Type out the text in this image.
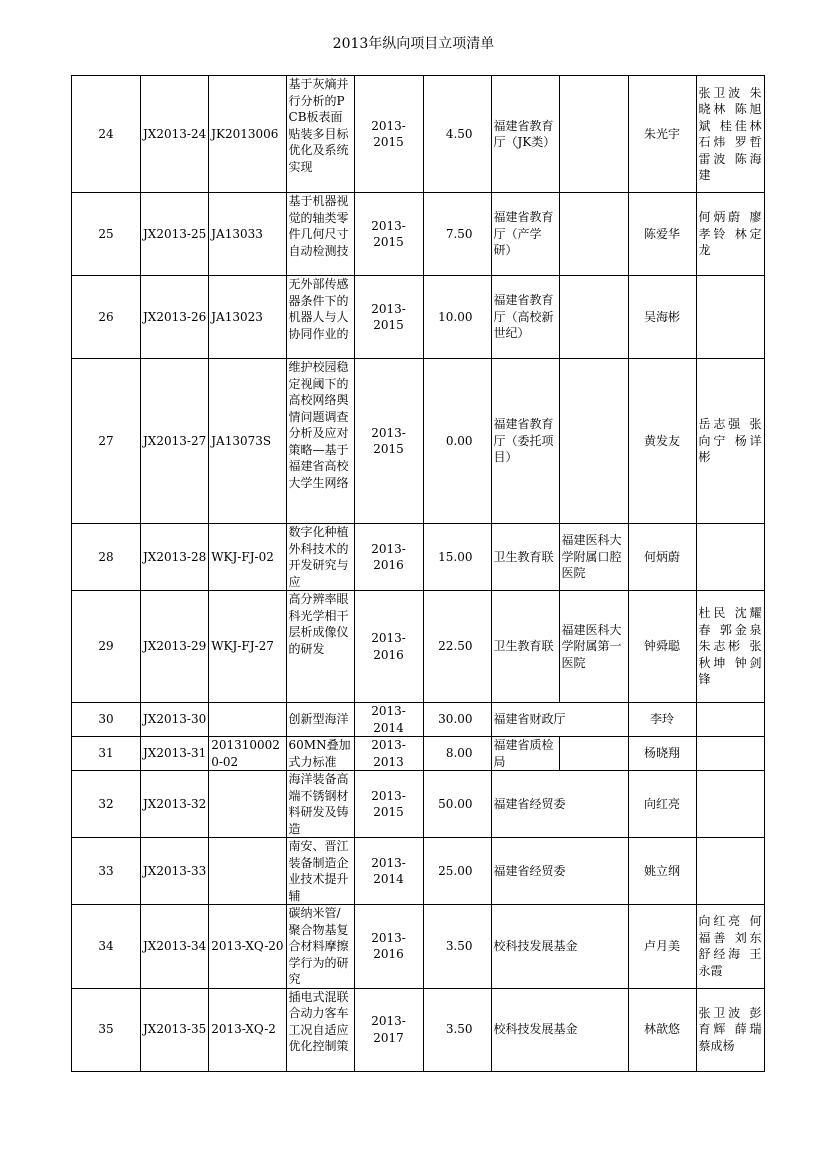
2013年纵向项目立项清单
24	JX2013-24	JK2013006	基于灰熵并行分析的PCB板表面贴装多目标优化及系统实现	2013-2015	4.50	福建省教育厅（JK类）		朱光宇	张卫波 朱晓林 陈旭斌 桂佳林 石炜 罗哲 雷波 陈海建
25	JX2013-25	JA13033	基于机器视觉的轴类零件几何尺寸自动检测技	2013-2015	7.50	福建省教育厅（产学研）		陈爱华	何炳蔚 廖孝铃 林定龙
26	JX2013-26	JA13023	无外部传感器条件下的机器人与人协同作业的	2013-2015	10.00	福建省教育厅（高校新世纪）		吴海彬	
27	JX2013-27	JA13073S	维护校园稳定视阈下的高校网络舆情问题调查分析及应对策略—基于福建省高校大学生网络	2013-2015	0.00	福建省教育厅（委托项目）		黄发友	岳志强 张向宁 杨详彬
28	JX2013-28	WKJ-FJ-02	数字化种植外科技术的开发研究与应	2013-2016	15.00	卫生教育联	福建医科大学附属口腔医院	何炳蔚	
29	JX2013-29	WKJ-FJ-27	高分辨率眼科光学相干层析成像仪的研发	2013-2016	22.50	卫生教育联	福建医科大学附属第一医院	钟舜聪	杜民 沈耀春 郭金泉 朱志彬 张秋坤 钟剑锋
30	JX2013-30		创新型海洋	2013-2014	30.00	福建省财政厅		李玲	
31	JX2013-31	2013100020-02	60MN叠加式力标准	2013-2013	8.00	福建省质检局		杨晓翔	
32	JX2013-32		海洋装备高端不锈钢材料研发及铸造	2013-2015	50.00	福建省经贸委		向红亮	
33	JX2013-33		南安、晋江装备制造企业技术提升辅	2013-2014	25.00	福建省经贸委		姚立纲	
34	JX2013-34	2013-XQ-20	碳纳米管/聚合物基复合材料摩擦学行为的研究	2013-2016	3.50	校科技发展基金		卢月美	向红亮 何福善 刘东 舒经海 王永霞
35	JX2013-35	2013-XQ-2	插电式混联合动力客车工况自适应优化控制策	2013-2017	3.50	校科技发展基金		林歆悠	张卫波 彭育辉 薛瑞 蔡成杨
